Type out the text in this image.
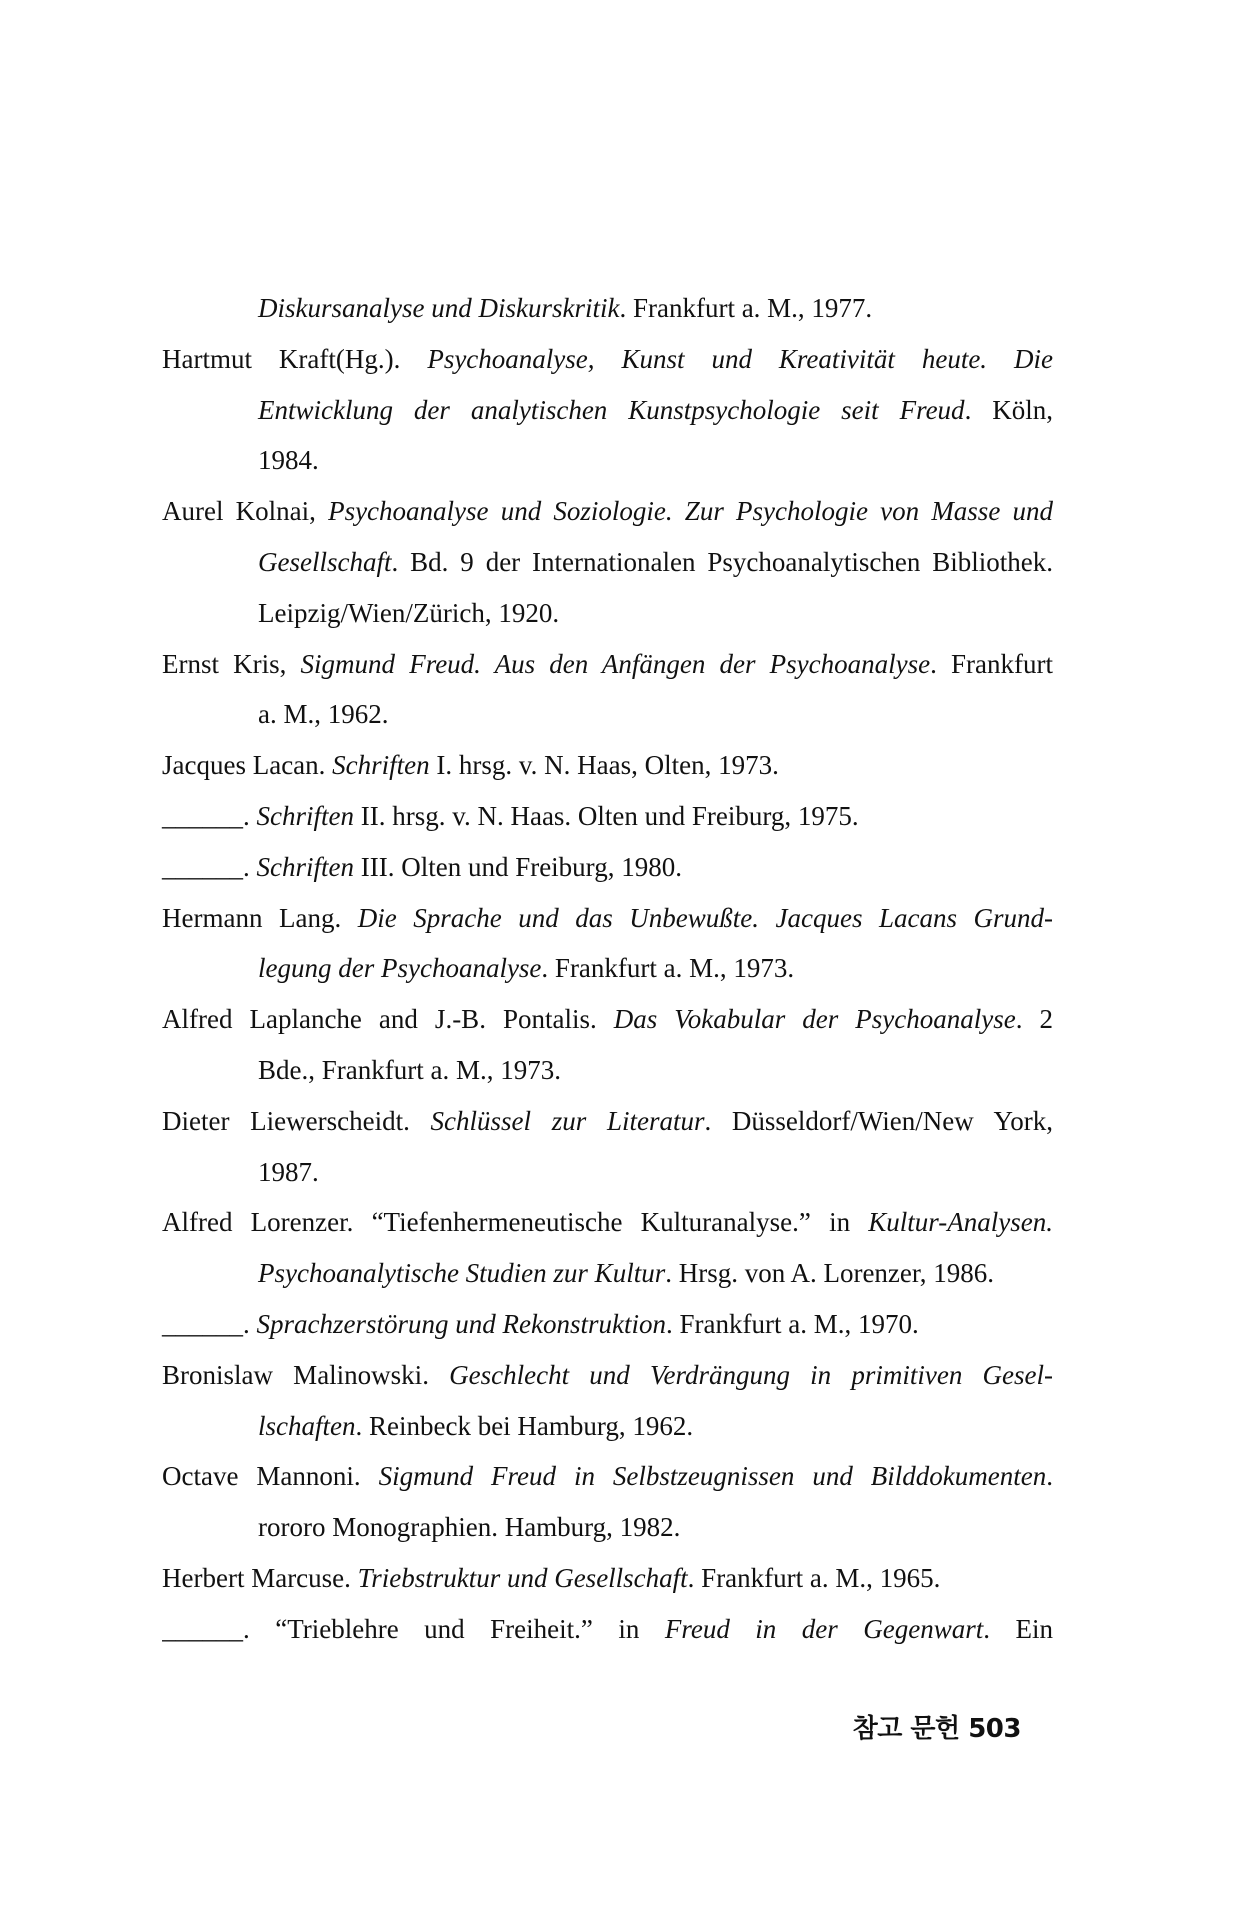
Diskursanalyse und Diskurskritik. Frankfurt a. M., 1977.
Hartmut Kraft(Hg.). Psychoanalyse, Kunst und Kreativität heute. Die
Entwicklung der analytischen Kunstpsychologie seit Freud. Köln,
1984.
Aurel Kolnai, Psychoanalyse und Soziologie. Zur Psychologie von Masse und
Gesellschaft. Bd. 9 der Internationalen Psychoanalytischen Bibliothek.
Leipzig/Wien/Zürich, 1920.
Ernst Kris, Sigmund Freud. Aus den Anfängen der Psychoanalyse. Frankfurt
a. M., 1962.
Jacques Lacan. Schriften I. hrsg. v. N. Haas, Olten, 1973.
______. Schriften II. hrsg. v. N. Haas. Olten und Freiburg, 1975.
______. Schriften III. Olten und Freiburg, 1980.
Hermann Lang. Die Sprache und das Unbewußte. Jacques Lacans Grund-
legung der Psychoanalyse. Frankfurt a. M., 1973.
Alfred Laplanche and J.-B. Pontalis. Das Vokabular der Psychoanalyse. 2
Bde., Frankfurt a. M., 1973.
Dieter Liewerscheidt. Schlüssel zur Literatur. Düsseldorf/Wien/New York,
1987.
Alfred Lorenzer. “Tiefenhermeneutische Kulturanalyse.” in Kultur-Analysen.
Psychoanalytische Studien zur Kultur. Hrsg. von A. Lorenzer, 1986.
______. Sprachzerstörung und Rekonstruktion. Frankfurt a. M., 1970.
Bronislaw Malinowski. Geschlecht und Verdrängung in primitiven Gesel-
lschaften. Reinbeck bei Hamburg, 1962.
Octave Mannoni. Sigmund Freud in Selbstzeugnissen und Bilddokumenten.
rororo Monographien. Hamburg, 1982.
Herbert Marcuse. Triebstruktur und Gesellschaft. Frankfurt a. M., 1965.
______. “Trieblehre und Freiheit.” in Freud in der Gegenwart. Ein
참고 문헌 503
